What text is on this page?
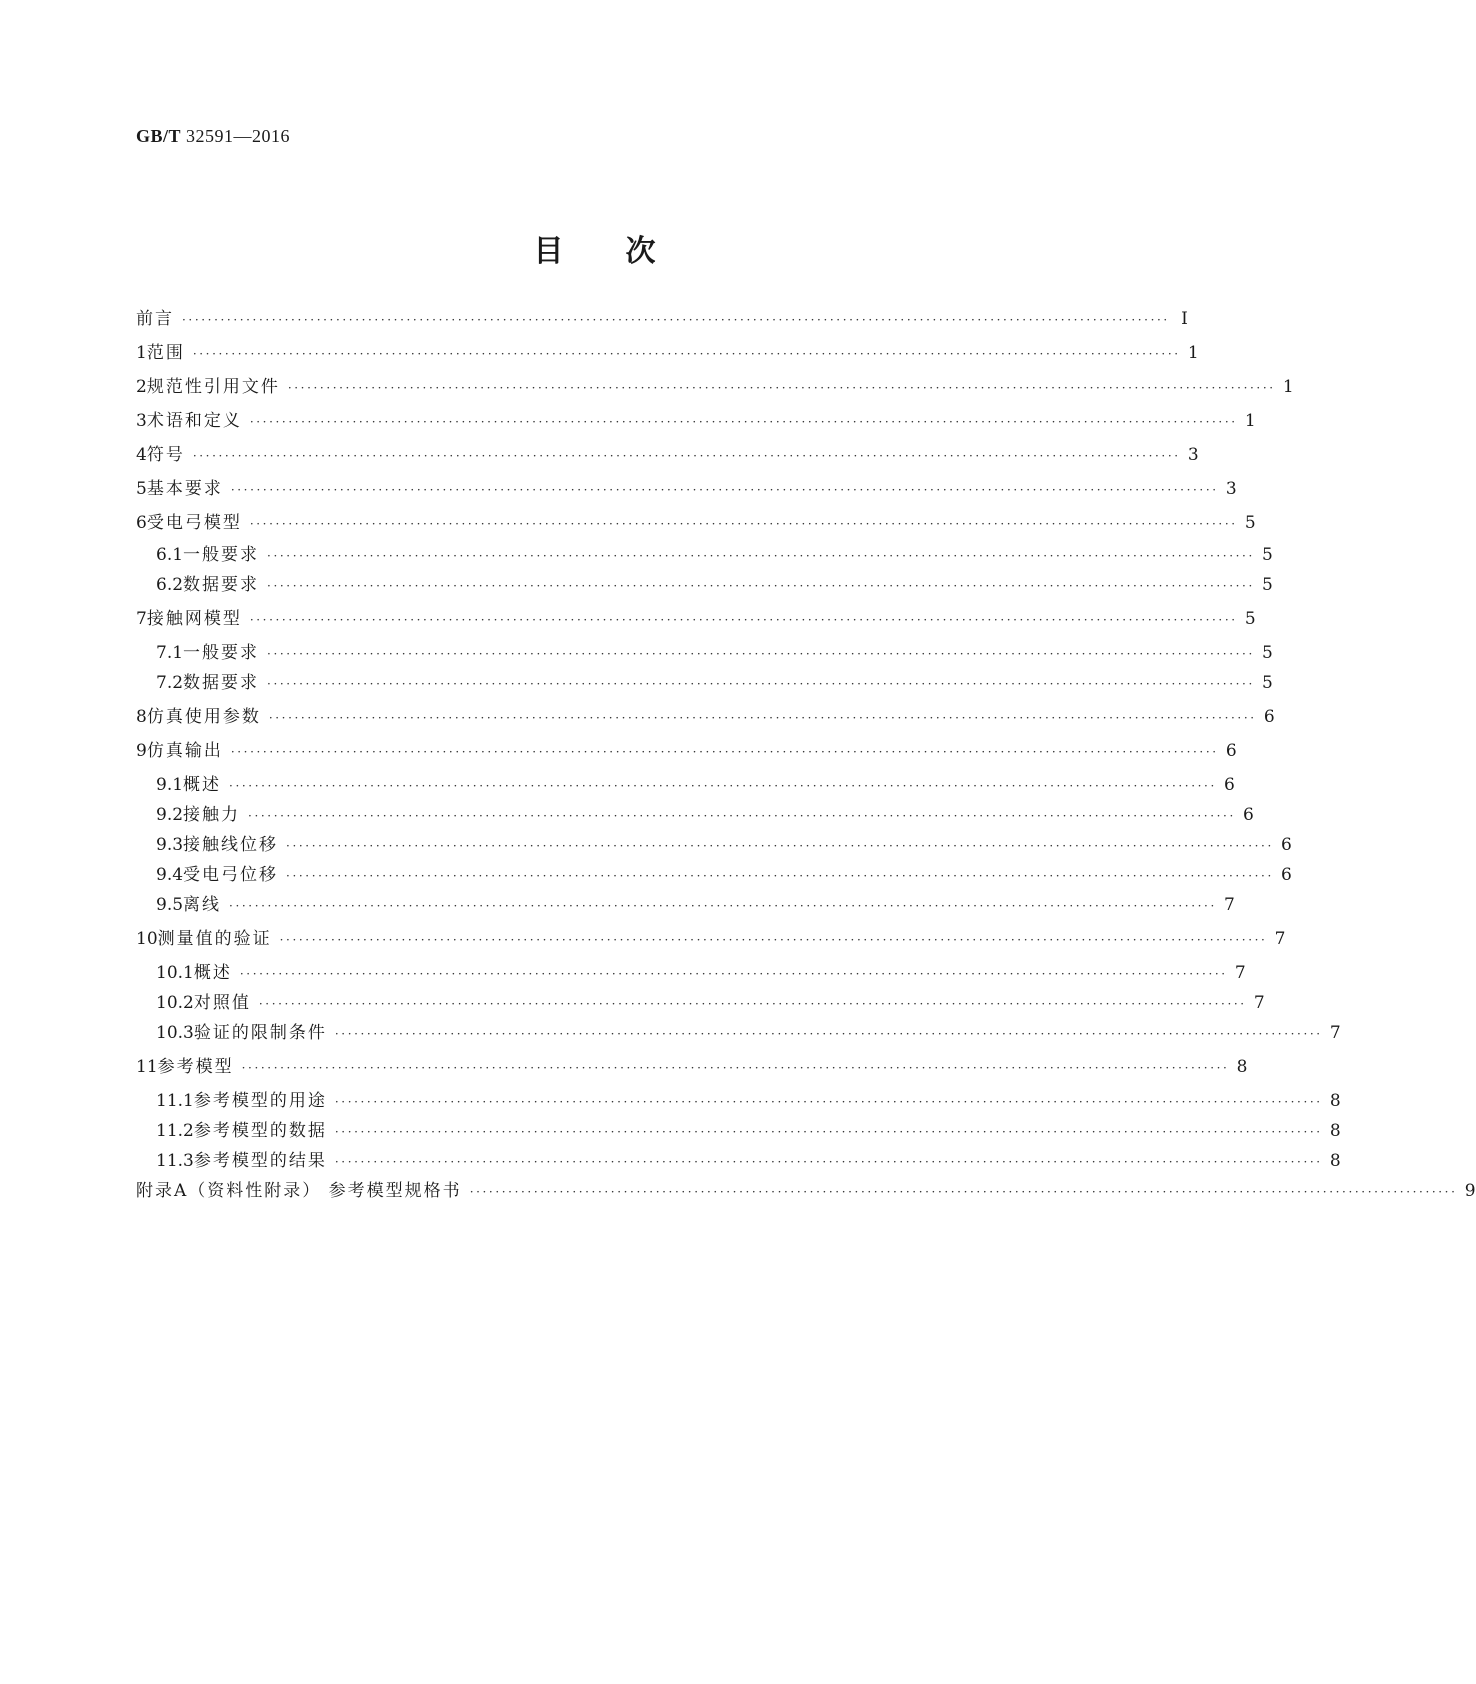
GB/T 32591—2016
目 次
前言 ·························································································································································· Ⅰ
1 范围 ·························································································································································· 1
2 规范性引用文件 ·························································································································································· 1
3 术语和定义 ·························································································································································· 1
4 符号 ·························································································································································· 3
5 基本要求 ·························································································································································· 3
6 受电弓模型 ·························································································································································· 5
6.1 一般要求 ·························································································································································· 5
6.2 数据要求 ·························································································································································· 5
7 接触网模型 ·························································································································································· 5
7.1 一般要求 ·························································································································································· 5
7.2 数据要求 ·························································································································································· 5
8 仿真使用参数 ·························································································································································· 6
9 仿真输出 ·························································································································································· 6
9.1 概述 ·························································································································································· 6
9.2 接触力 ·························································································································································· 6
9.3 接触线位移 ·························································································································································· 6
9.4 受电弓位移 ·························································································································································· 6
9.5 离线 ·························································································································································· 7
10 测量值的验证 ·························································································································································· 7
10.1 概述 ·························································································································································· 7
10.2 对照值 ·························································································································································· 7
10.3 验证的限制条件 ·························································································································································· 7
11 参考模型 ·························································································································································· 8
11.1 参考模型的用途 ·························································································································································· 8
11.2 参考模型的数据 ·························································································································································· 8
11.3 参考模型的结果 ·························································································································································· 8
附录A（资料性附录） 参考模型规格书 ·························································································································································· 9
